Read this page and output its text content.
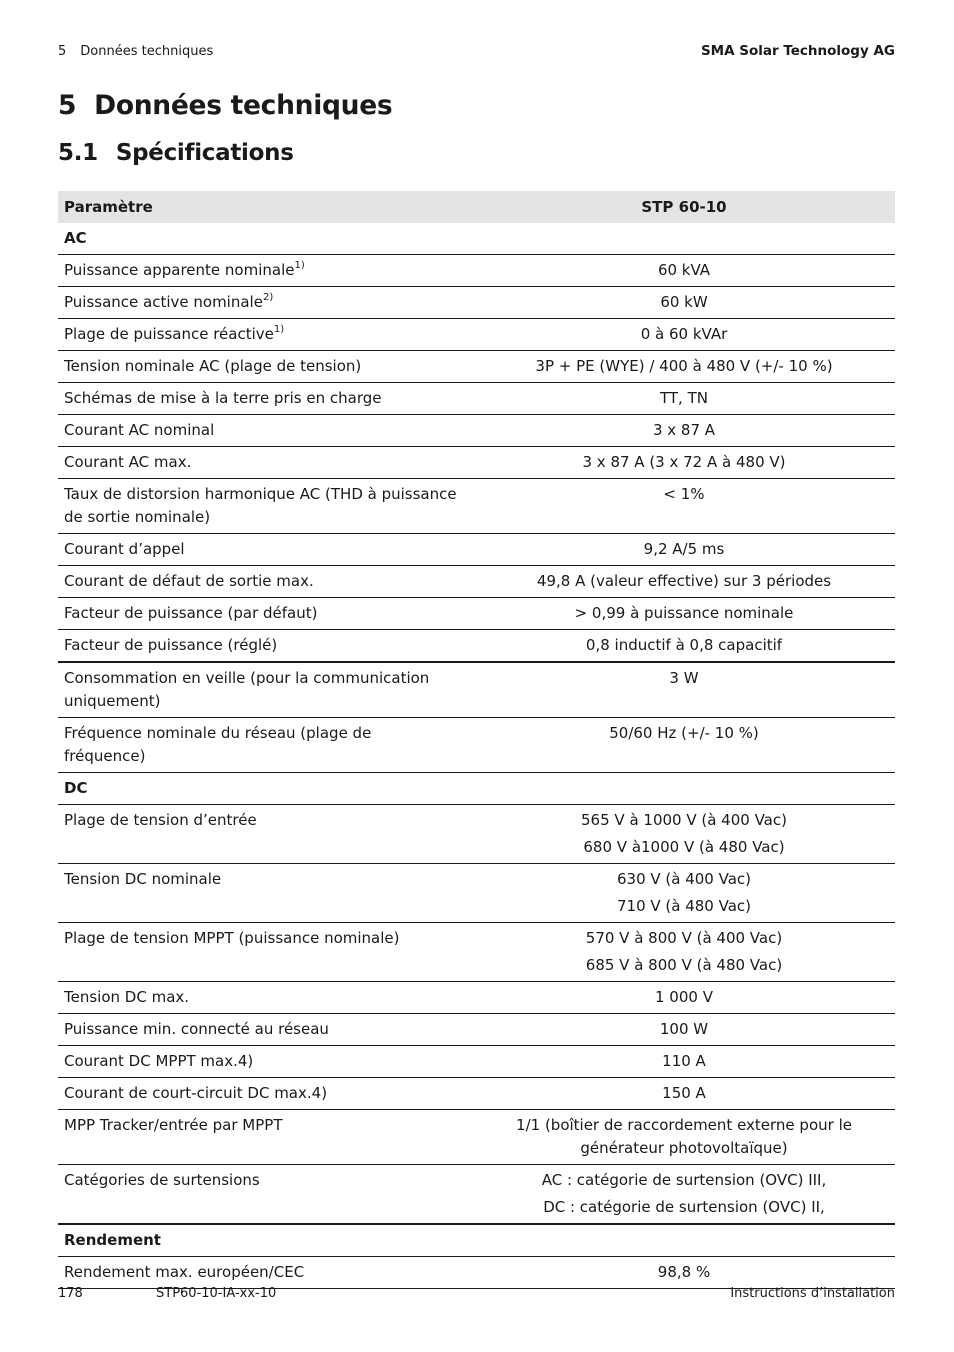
5 Données techniques	SMA Solar Technology AG
5 Données techniques
5.1 Spécifications
Paramètre	STP 60-10
AC	
Puissance apparente nominale$^{1)}$	60 kVA

Puissance active nominale$^{2)}$	60 kW

Plage de puissance réactive$^{1)}$	0 à 60 kVAr

Tension nominale AC (plage de tension)	3P + PE (WYE) / 400 à 480 V (+/- 10 %)

Schémas de mise à la terre pris en charge	TT, TN

Courant AC nominal	3 x 87 A

Courant AC max.	3 x 87 A (3 x 72 A à 480 V)

Taux de distorsion harmonique AC (THD à puissance de sortie nominale)	< 1%

Courant d’appel	9,2 A/5 ms

Courant de défaut de sortie max.	49,8 A (valeur effective) sur 3 périodes

Facteur de puissance (par défaut)	> 0,99 à puissance nominale

Facteur de puissance (réglé)	0,8 inductif à 0,8 capacitif

Consommation en veille (pour la communication uniquement)	3 W

Fréquence nominale du réseau (plage de fréquence)	50/60 Hz (+/- 10 %)

DC	
Plage de tension d’entrée	565 V à 1000 V (à 400 Vac)
680 V à1000 V (à 480 Vac)

Tension DC nominale	630 V (à 400 Vac)
710 V (à 480 Vac)

Plage de tension MPPT (puissance nominale)	570 V à 800 V (à 400 Vac)
685 V à 800 V (à 480 Vac)

Tension DC max.	1 000 V

Puissance min. connecté au réseau	100 W

Courant DC MPPT max.4)	110 A

Courant de court-circuit DC max.4)	150 A

MPP Tracker/entrée par MPPT	1/1 (boîtier de raccordement externe pour le générateur photovoltaïque)

Catégories de surtensions	AC : catégorie de surtension (OVC) III,
DC : catégorie de surtension (OVC) II,

Rendement	
Rendement max. européen/CEC	98,8 %
178	STP60-10-IA-xx-10	Instructions d’installation
